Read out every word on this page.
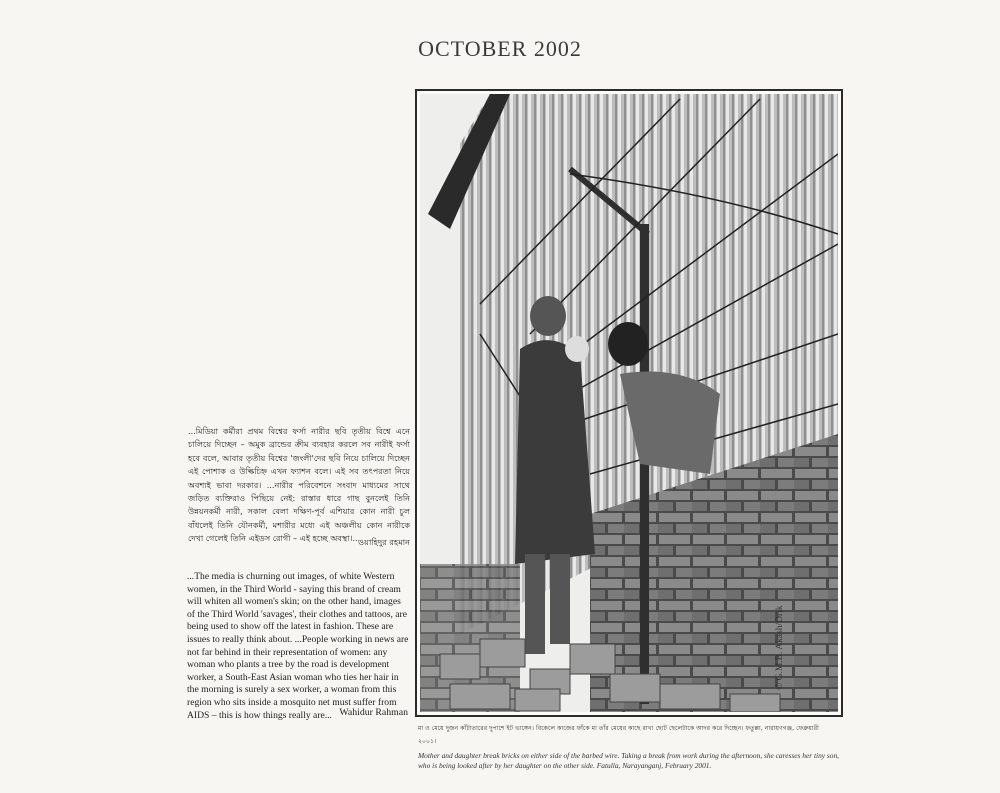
OCTOBER 2002
...মিডিয়া কর্মীরা প্রথম বিশ্বের ফর্সা নারীর ছবি তৃতীয় বিশ্বে এনে চালিয়ে দিচ্ছেন – অমুক ব্রান্ডের ক্রীম ব্যবহার করলে সব নারীই ফর্সা হবে বলে, আবার তৃতীয় বিশ্বের 'জংলী'দের ছবি নিয়ে চালিয়ে দিচ্ছেন এই পোশাক ও উল্কিচিহ্ন এখন ফ্যাশন বলে। এই সব তৎপরতা নিয়ে অবশ্যই ভাবা দরকার। ...নারীর পরিবেশনে সংবাদ মাধ্যমের সাথে জড়িত ব্যক্তিরাও পিছিয়ে নেই: রাস্তার ধারে গাছ বুনলেই তিনি উন্নয়নকর্মী নারী, সকাল বেলা দক্ষিণ-পূর্ব এশিয়ার কোন নারী চুল বাঁধলেই তিনি যৌনকর্মী, মশারীর মধ্যে এই অঞ্চলীয় কোন নারীকে দেখা গেলেই তিনি এইডস রোগী – এই হচ্ছে অবস্থা।...
ওয়াহিদুর রহমান
...The media is churning out images, of white Western women, in the Third World - saying this brand of cream will whiten all women's skin; on the other hand, images of the Third World 'savages', their clothes and tattoos, are being used to show off the latest in fashion. These are issues to really think about. ...People working in news are not far behind in their representation of women: any woman who plants a tree by the road is development worker, a South-East Asian woman who ties her hair in the morning is surely a sex worker, a woman from this region who sits inside a mosquito net must suffer from AIDS – this is how things really are... Wahidur Rahman
© G.M.B. Akash/Drik
মা ও মেয়ে দুজন কাঁটাতারের দুপাশে ইট ভাঙ্গেন। বিকেলে কাজের ফাঁকে মা তাঁর মেয়ের কাছে রাখা ছোট ছেলেটাকে আদর করে দিচ্ছেন। ফতুল্লা, নারায়ণগঞ্জ, ফেব্রুয়ারী ২০০১।
Mother and daughter break bricks on either side of the barbed wire. Taking a break from work during the afternoon, she caresses her tiny son, who is being looked after by her daughter on the other side. Fatulla, Narayanganj, February 2001.
